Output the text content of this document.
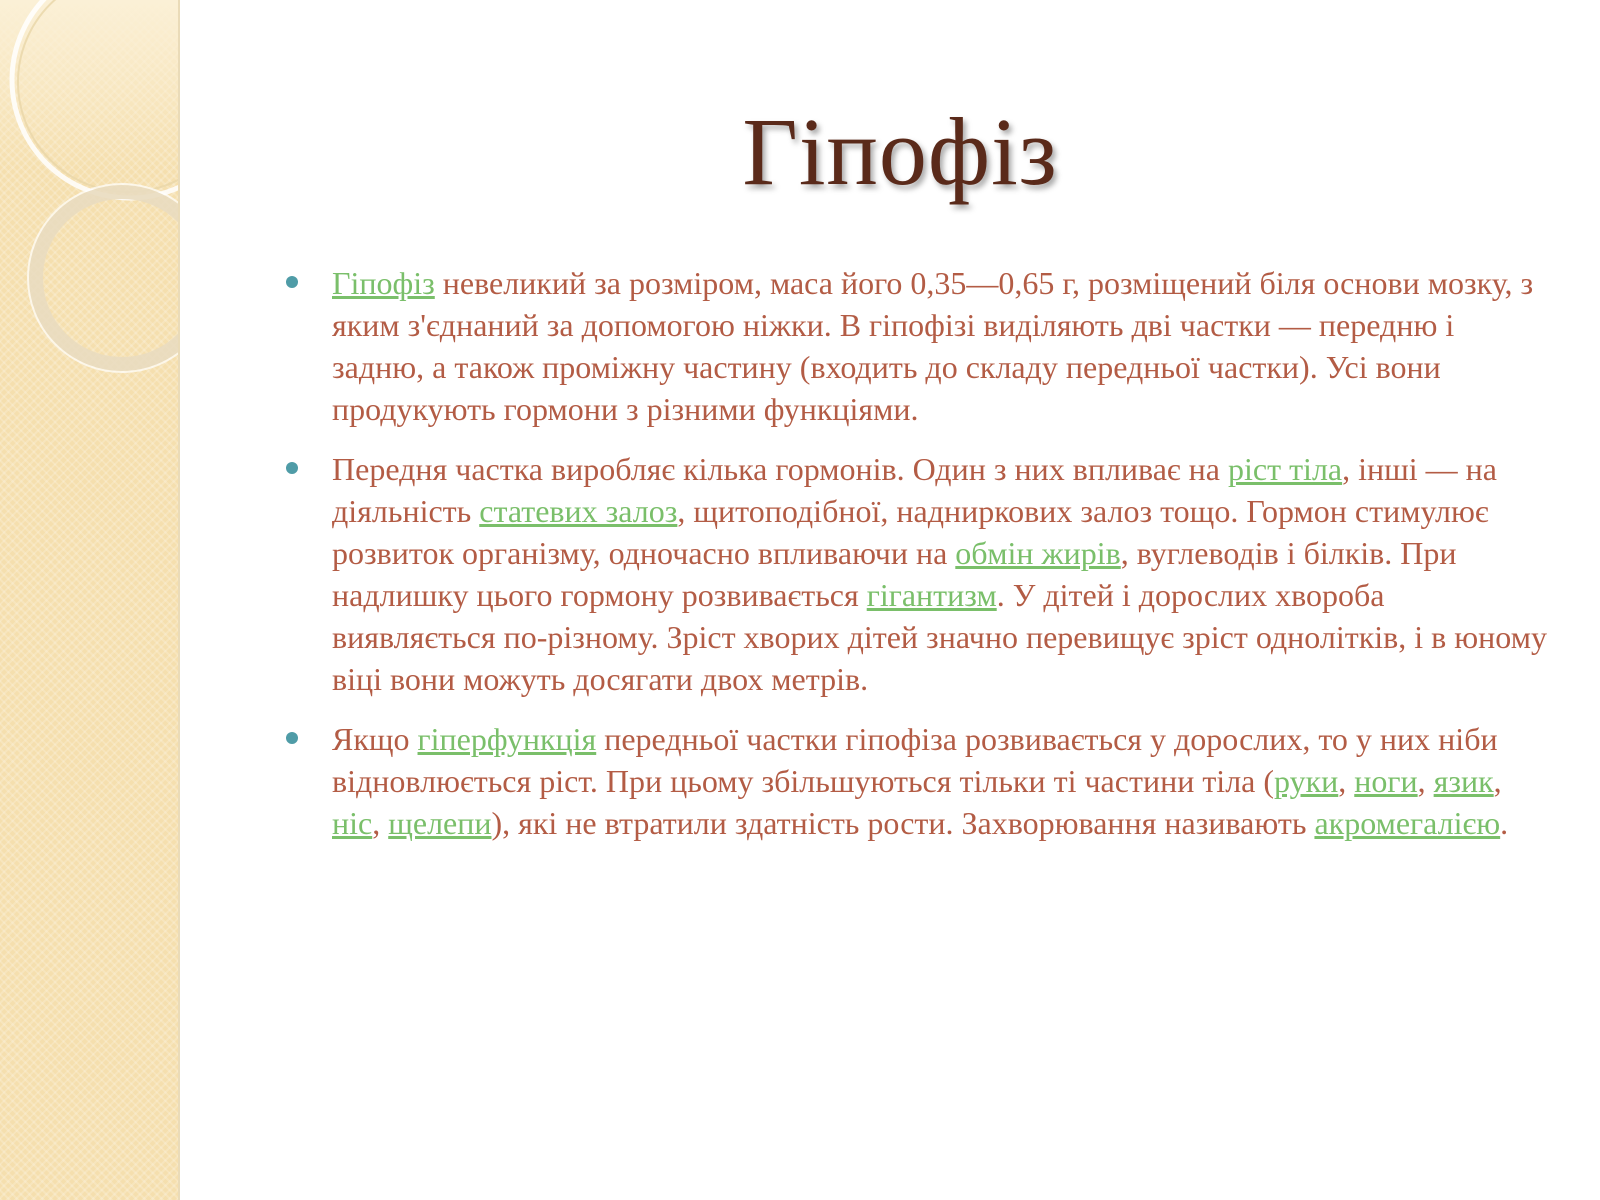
Гіпофіз
Гіпофіз невеликий за розміром, маса його 0,35—0,65 г, розміщений біля основи мозку, з яким з'єднаний за допомогою ніжки. В гіпофізі виділяють дві частки — передню і задню, а також проміжну частину (входить до складу передньої частки). Усі вони продукують гормони з різними функціями.
Передня частка виробляє кілька гормонів. Один з них впливає на ріст тіла, інші — на діяльність статевих залоз, щитоподібної, надниркових залоз тощо. Гормон стимулює розвиток організму, одночасно впливаючи на обмін жирів, вуглеводів і білків. При надлишку цього гормону розвивається гігантизм. У дітей і дорослих хвороба виявляється по-різному. Зріст хворих дітей значно перевищує зріст однолітків, і в юному віці вони можуть досягати двох метрів.
Якщо гіперфункція передньої частки гіпофіза розвивається у дорослих, то у них ніби відновлюється ріст. При цьому збільшуються тільки ті частини тіла (руки, ноги, язик, ніс, щелепи), які не втратили здатність рости. Захворювання називають акромегалією.
